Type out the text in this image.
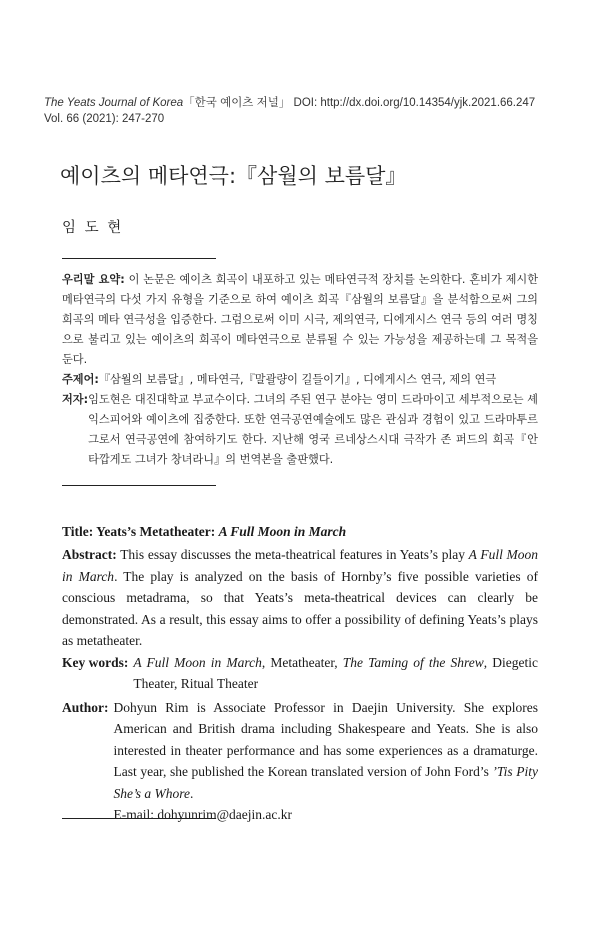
The Yeats Journal of Korea「한국 예이츠 저널」 DOI: http://dx.doi.org/10.14354/yjk.2021.66.247
Vol. 66 (2021): 247-270
예이츠의 메타연극:『삼월의 보름달』
임 도 현

우리말 요약: 이 논문은 예이츠 희곡이 내포하고 있는 메타연극적 장치를 논의한다. 혼비가 제시한 메타연극의 다섯 가지 유형을 기준으로 하여 예이츠 희곡『삼월의 보름달』을 분석함으로써 그의 희곡의 메타 연극성을 입증한다. 그럼으로써 이미 시극, 제의연극, 디에게시스 연극 등의 여러 명칭으로 불리고 있는 예이츠의 희곡이 메타연극으로 분류될 수 있는 가능성을 제공하는데 그 목적을 둔다.

주제어: 『삼월의 보름달』, 메타연극,『말괄량이 길들이기』, 디에게시스 연극, 제의 연극
저자: 임도현은 대진대학교 부교수이다. 그녀의 주된 연구 분야는 영미 드라마이고 세부적으로는 셰익스피어와 예이츠에 집중한다. 또한 연극공연예술에도 많은 관심과 경험이 있고 드라마투르그로서 연극공연에 참여하기도 한다. 지난해 영국 르네상스시대 극작가 존 퍼드의 희곡『안타깝게도 그녀가 창녀라니』의 번역본을 출판했다.
Title: Yeats’s Metatheater: A Full Moon in March

Abstract: This essay discusses the meta-theatrical features in Yeats’s play A Full Moon in March. The play is analyzed on the basis of Hornby’s five possible varieties of conscious metadrama, so that Yeats’s meta-theatrical devices can clearly be demonstrated. As a result, this essay aims to offer a possibility of defining Yeats’s plays as metatheater.

Key words: A Full Moon in March, Metatheater, The Taming of the Shrew, Diegetic Theater, Ritual Theater
Author: Dohyun Rim is Associate Professor in Daejin University. She explores American and British drama including Shakespeare and Yeats. She is also interested in theater performance and has some experiences as a dramaturge. Last year, she published the Korean translated version of John Ford’s ’Tis Pity She’s a Whore.
E-mail: dohyunrim@daejin.ac.kr
